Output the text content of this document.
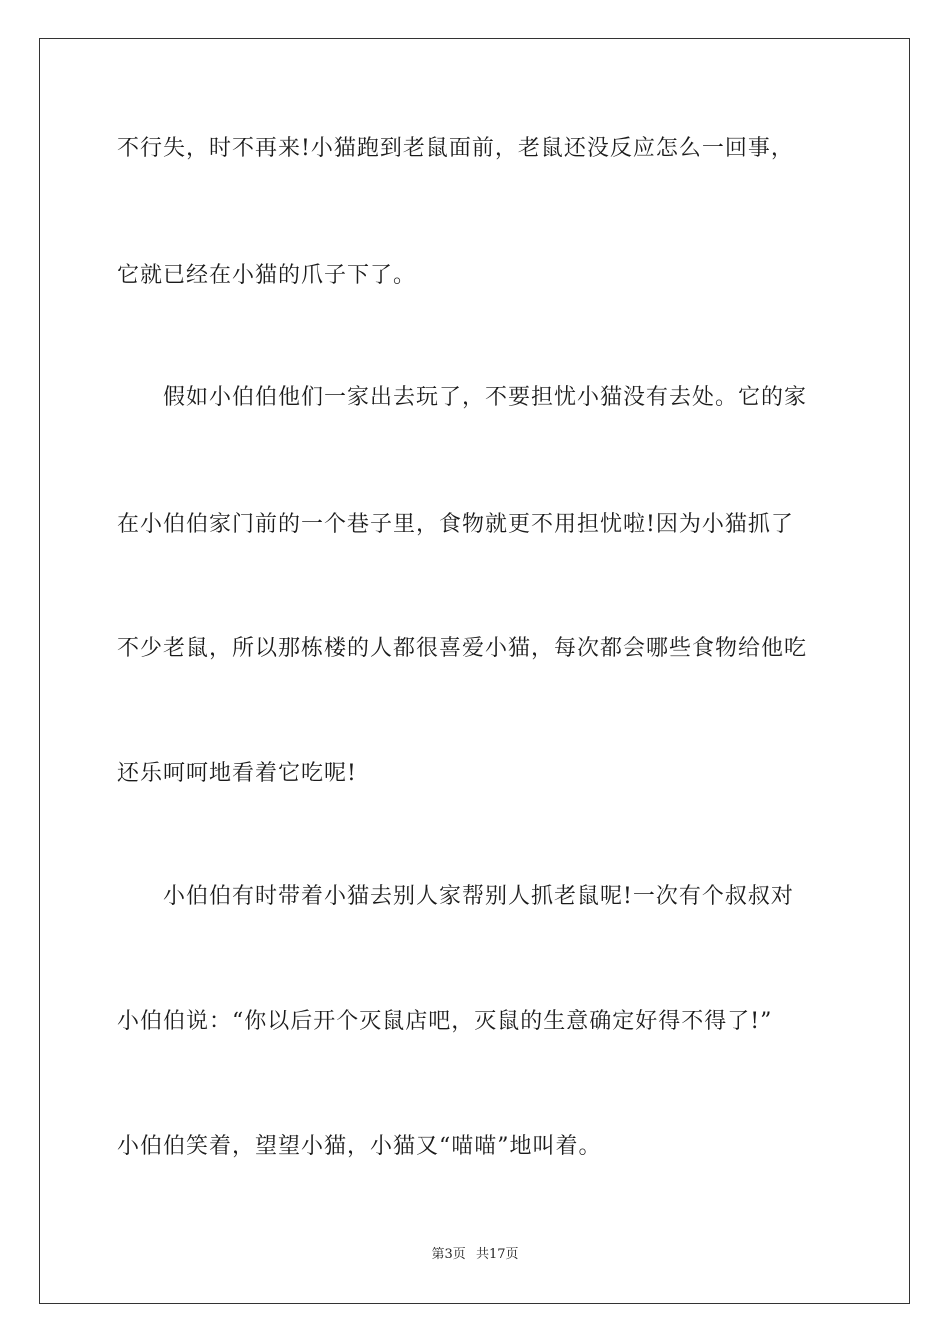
不行失，时不再来!小猫跑到老鼠面前，老鼠还没反应怎么一回事，
它就已经在小猫的爪子下了。
假如小伯伯他们一家出去玩了，不要担忧小猫没有去处。它的家
在小伯伯家门前的一个巷子里，食物就更不用担忧啦!因为小猫抓了
不少老鼠，所以那栋楼的人都很喜爱小猫，每次都会哪些食物给他吃
还乐呵呵地看着它吃呢!
小伯伯有时带着小猫去别人家帮别人抓老鼠呢!一次有个叔叔对
小伯伯说：“你以后开个灭鼠店吧，灭鼠的生意确定好得不得了!”
小伯伯笑着，望望小猫，小猫又“喵喵”地叫着。
第3页 共17页
